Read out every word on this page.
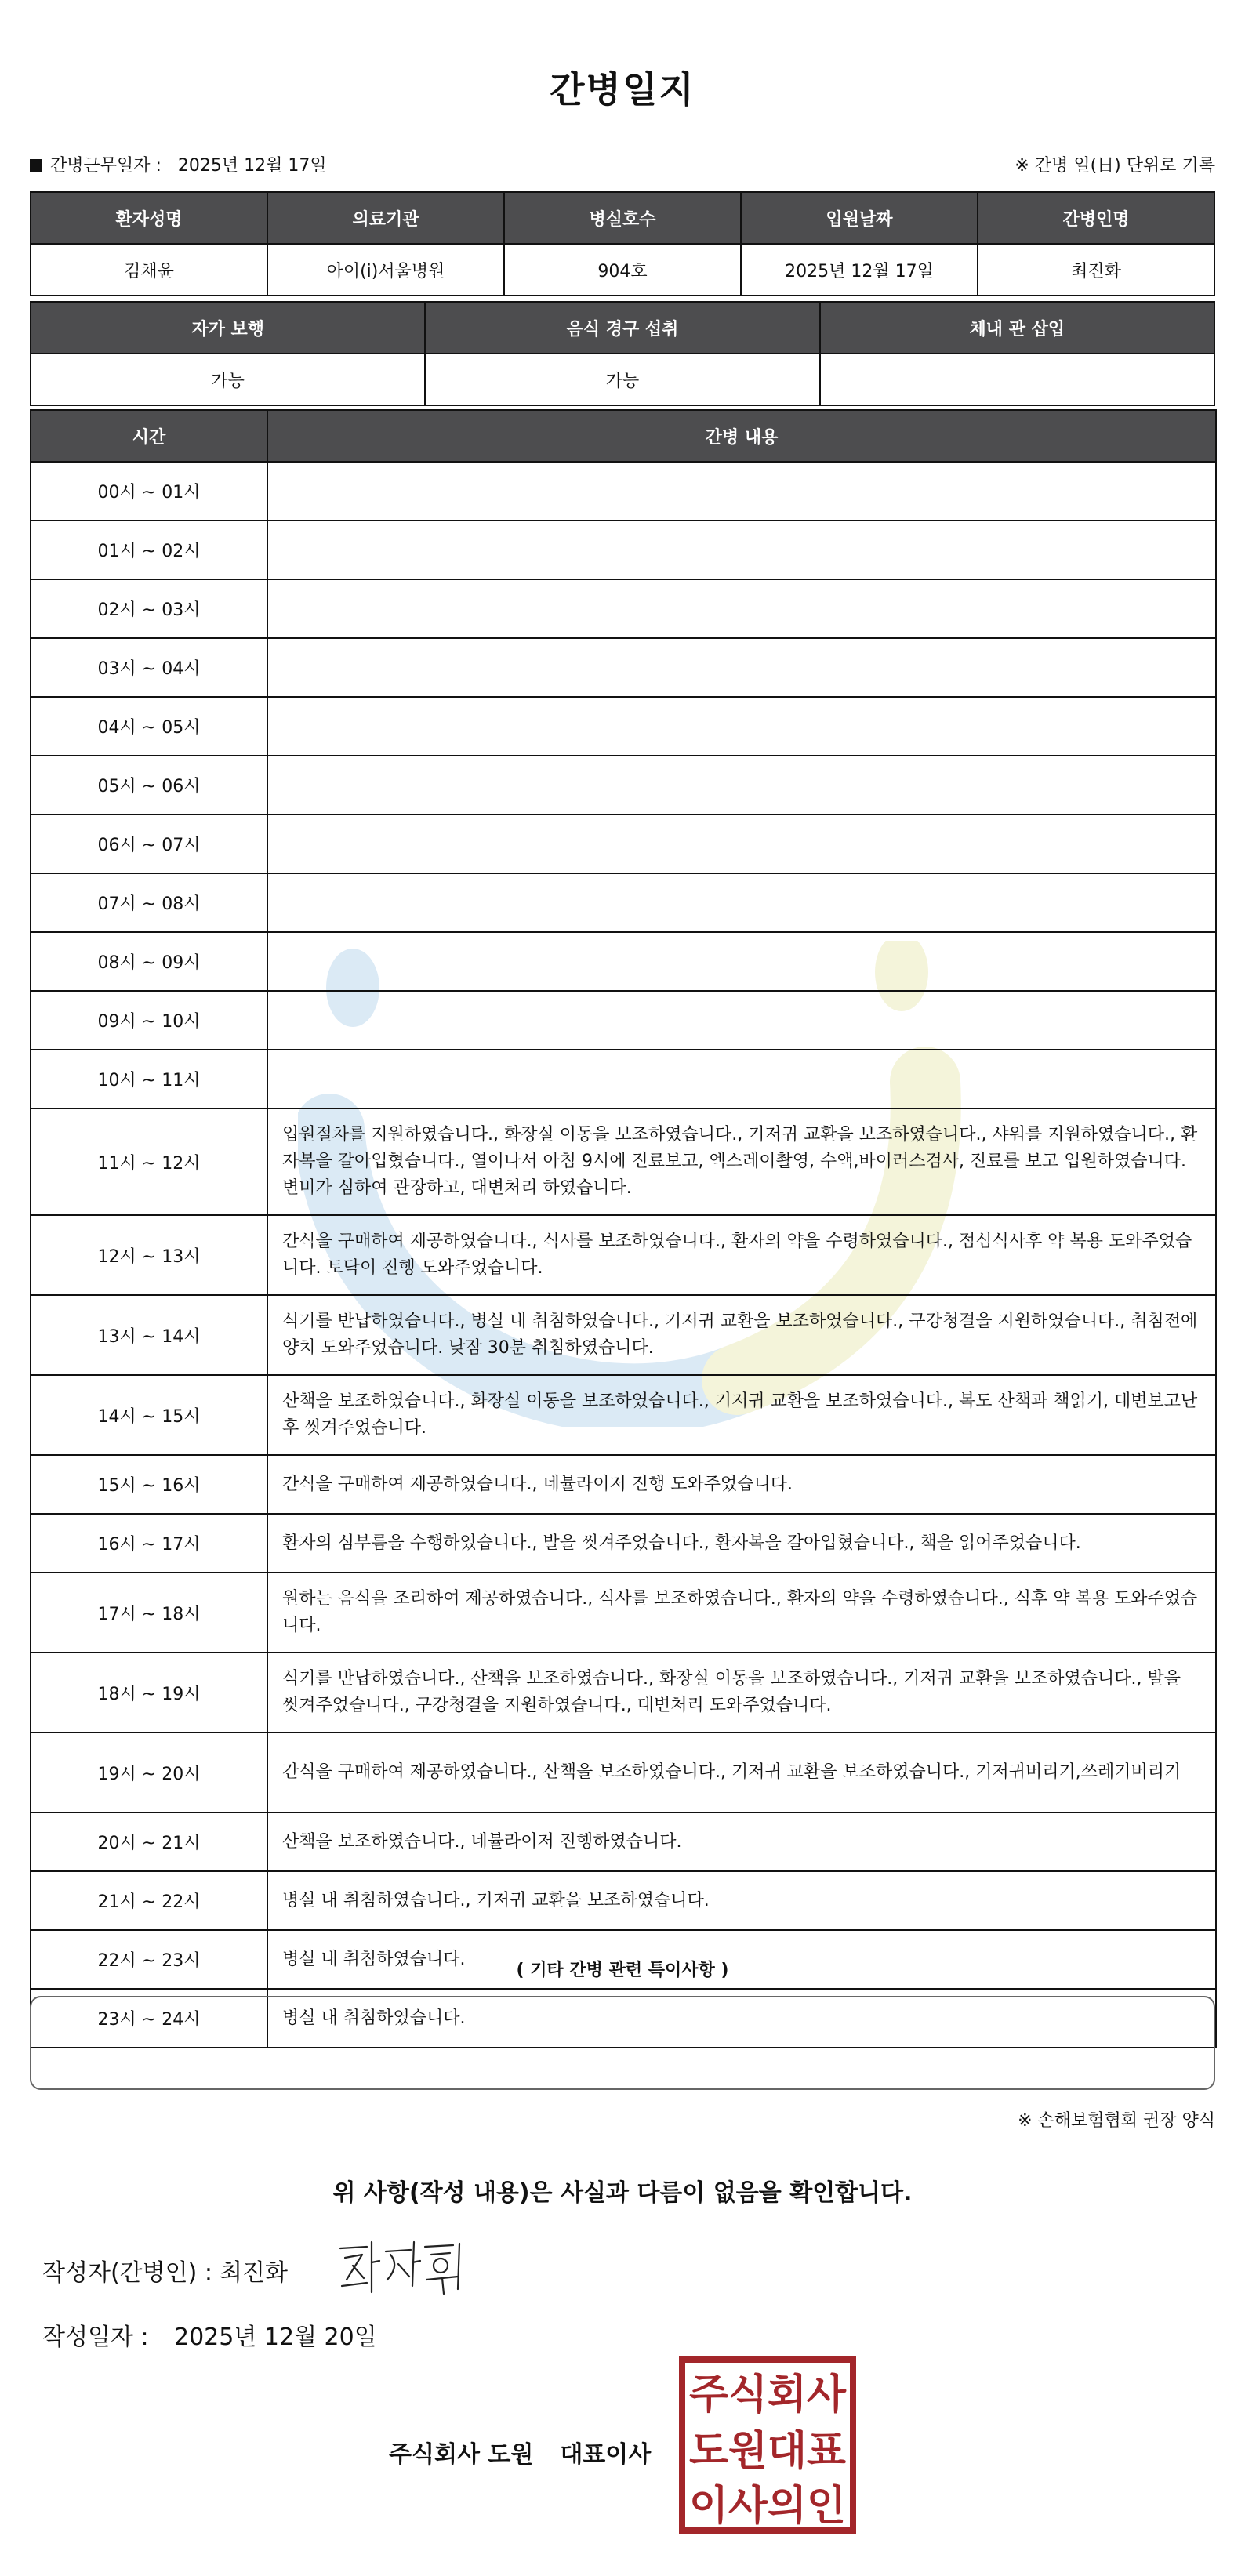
간병일지
간병근무일자 : 2025년 12월 17일	※ 간병 일(日) 단위로 기록
환자성명	의료기관	병실호수	입원날짜	간병인명
김채윤	아이(i)서울병원	904호	2025년 12월 17일	최진화
자가 보행	음식 경구 섭취	체내 관 삽입
가능	가능	
시간	간병 내용
00시 ~ 01시	
01시 ~ 02시	
02시 ~ 03시	
03시 ~ 04시	
04시 ~ 05시	
05시 ~ 06시	
06시 ~ 07시	
07시 ~ 08시	
08시 ~ 09시	
09시 ~ 10시	
10시 ~ 11시	
11시 ~ 12시	입원절차를 지원하였습니다., 화장실 이동을 보조하였습니다., 기저귀 교환을 보조하였습니다., 샤워를 지원하였습니다., 환자복을 갈아입혔습니다., 열이나서 아침 9시에 진료보고, 엑스레이촬영, 수액,바이러스검사, 진료를 보고 입원하였습니다. 변비가 심하여 관장하고, 대변처리 하였습니다.
12시 ~ 13시	간식을 구매하여 제공하였습니다., 식사를 보조하였습니다., 환자의 약을 수령하였습니다., 점심식사후 약 복용 도와주었습니다. 토닥이 진행 도와주었습니다.
13시 ~ 14시	식기를 반납하였습니다., 병실 내 취침하였습니다., 기저귀 교환을 보조하였습니다., 구강청결을 지원하였습니다., 취침전에 양치 도와주었습니다. 낮잠 30분 취침하였습니다.
14시 ~ 15시	산책을 보조하였습니다., 화장실 이동을 보조하였습니다., 기저귀 교환을 보조하였습니다., 복도 산책과 책읽기, 대변보고난후 씻겨주었습니다.
15시 ~ 16시	간식을 구매하여 제공하였습니다., 네뷸라이저 진행 도와주었습니다.
16시 ~ 17시	환자의 심부름을 수행하였습니다., 발을 씻겨주었습니다., 환자복을 갈아입혔습니다., 책을 읽어주었습니다.
17시 ~ 18시	원하는 음식을 조리하여 제공하였습니다., 식사를 보조하였습니다., 환자의 약을 수령하였습니다., 식후 약 복용 도와주었습니다.
18시 ~ 19시	식기를 반납하였습니다., 산책을 보조하였습니다., 화장실 이동을 보조하였습니다., 기저귀 교환을 보조하였습니다., 발을 씻겨주었습니다., 구강청결을 지원하였습니다., 대변처리 도와주었습니다.
19시 ~ 20시	간식을 구매하여 제공하였습니다., 산책을 보조하였습니다., 기저귀 교환을 보조하였습니다., 기저귀버리기,쓰레기버리기
20시 ~ 21시	산책을 보조하였습니다., 네뷸라이저 진행하였습니다.
21시 ~ 22시	병실 내 취침하였습니다., 기저귀 교환을 보조하였습니다.
22시 ~ 23시	병실 내 취침하였습니다.
23시 ~ 24시	병실 내 취침하였습니다.
( 기타 간병 관련 특이사항 )
※ 손해보험협회 권장 양식
위 사항(작성 내용)은 사실과 다름이 없음을 확인합니다.
작성자(간병인) : 최진화
작성일자 : 2025년 12월 20일
주식회사 도원 대표이사
주식회사
도원대표
이사의인
